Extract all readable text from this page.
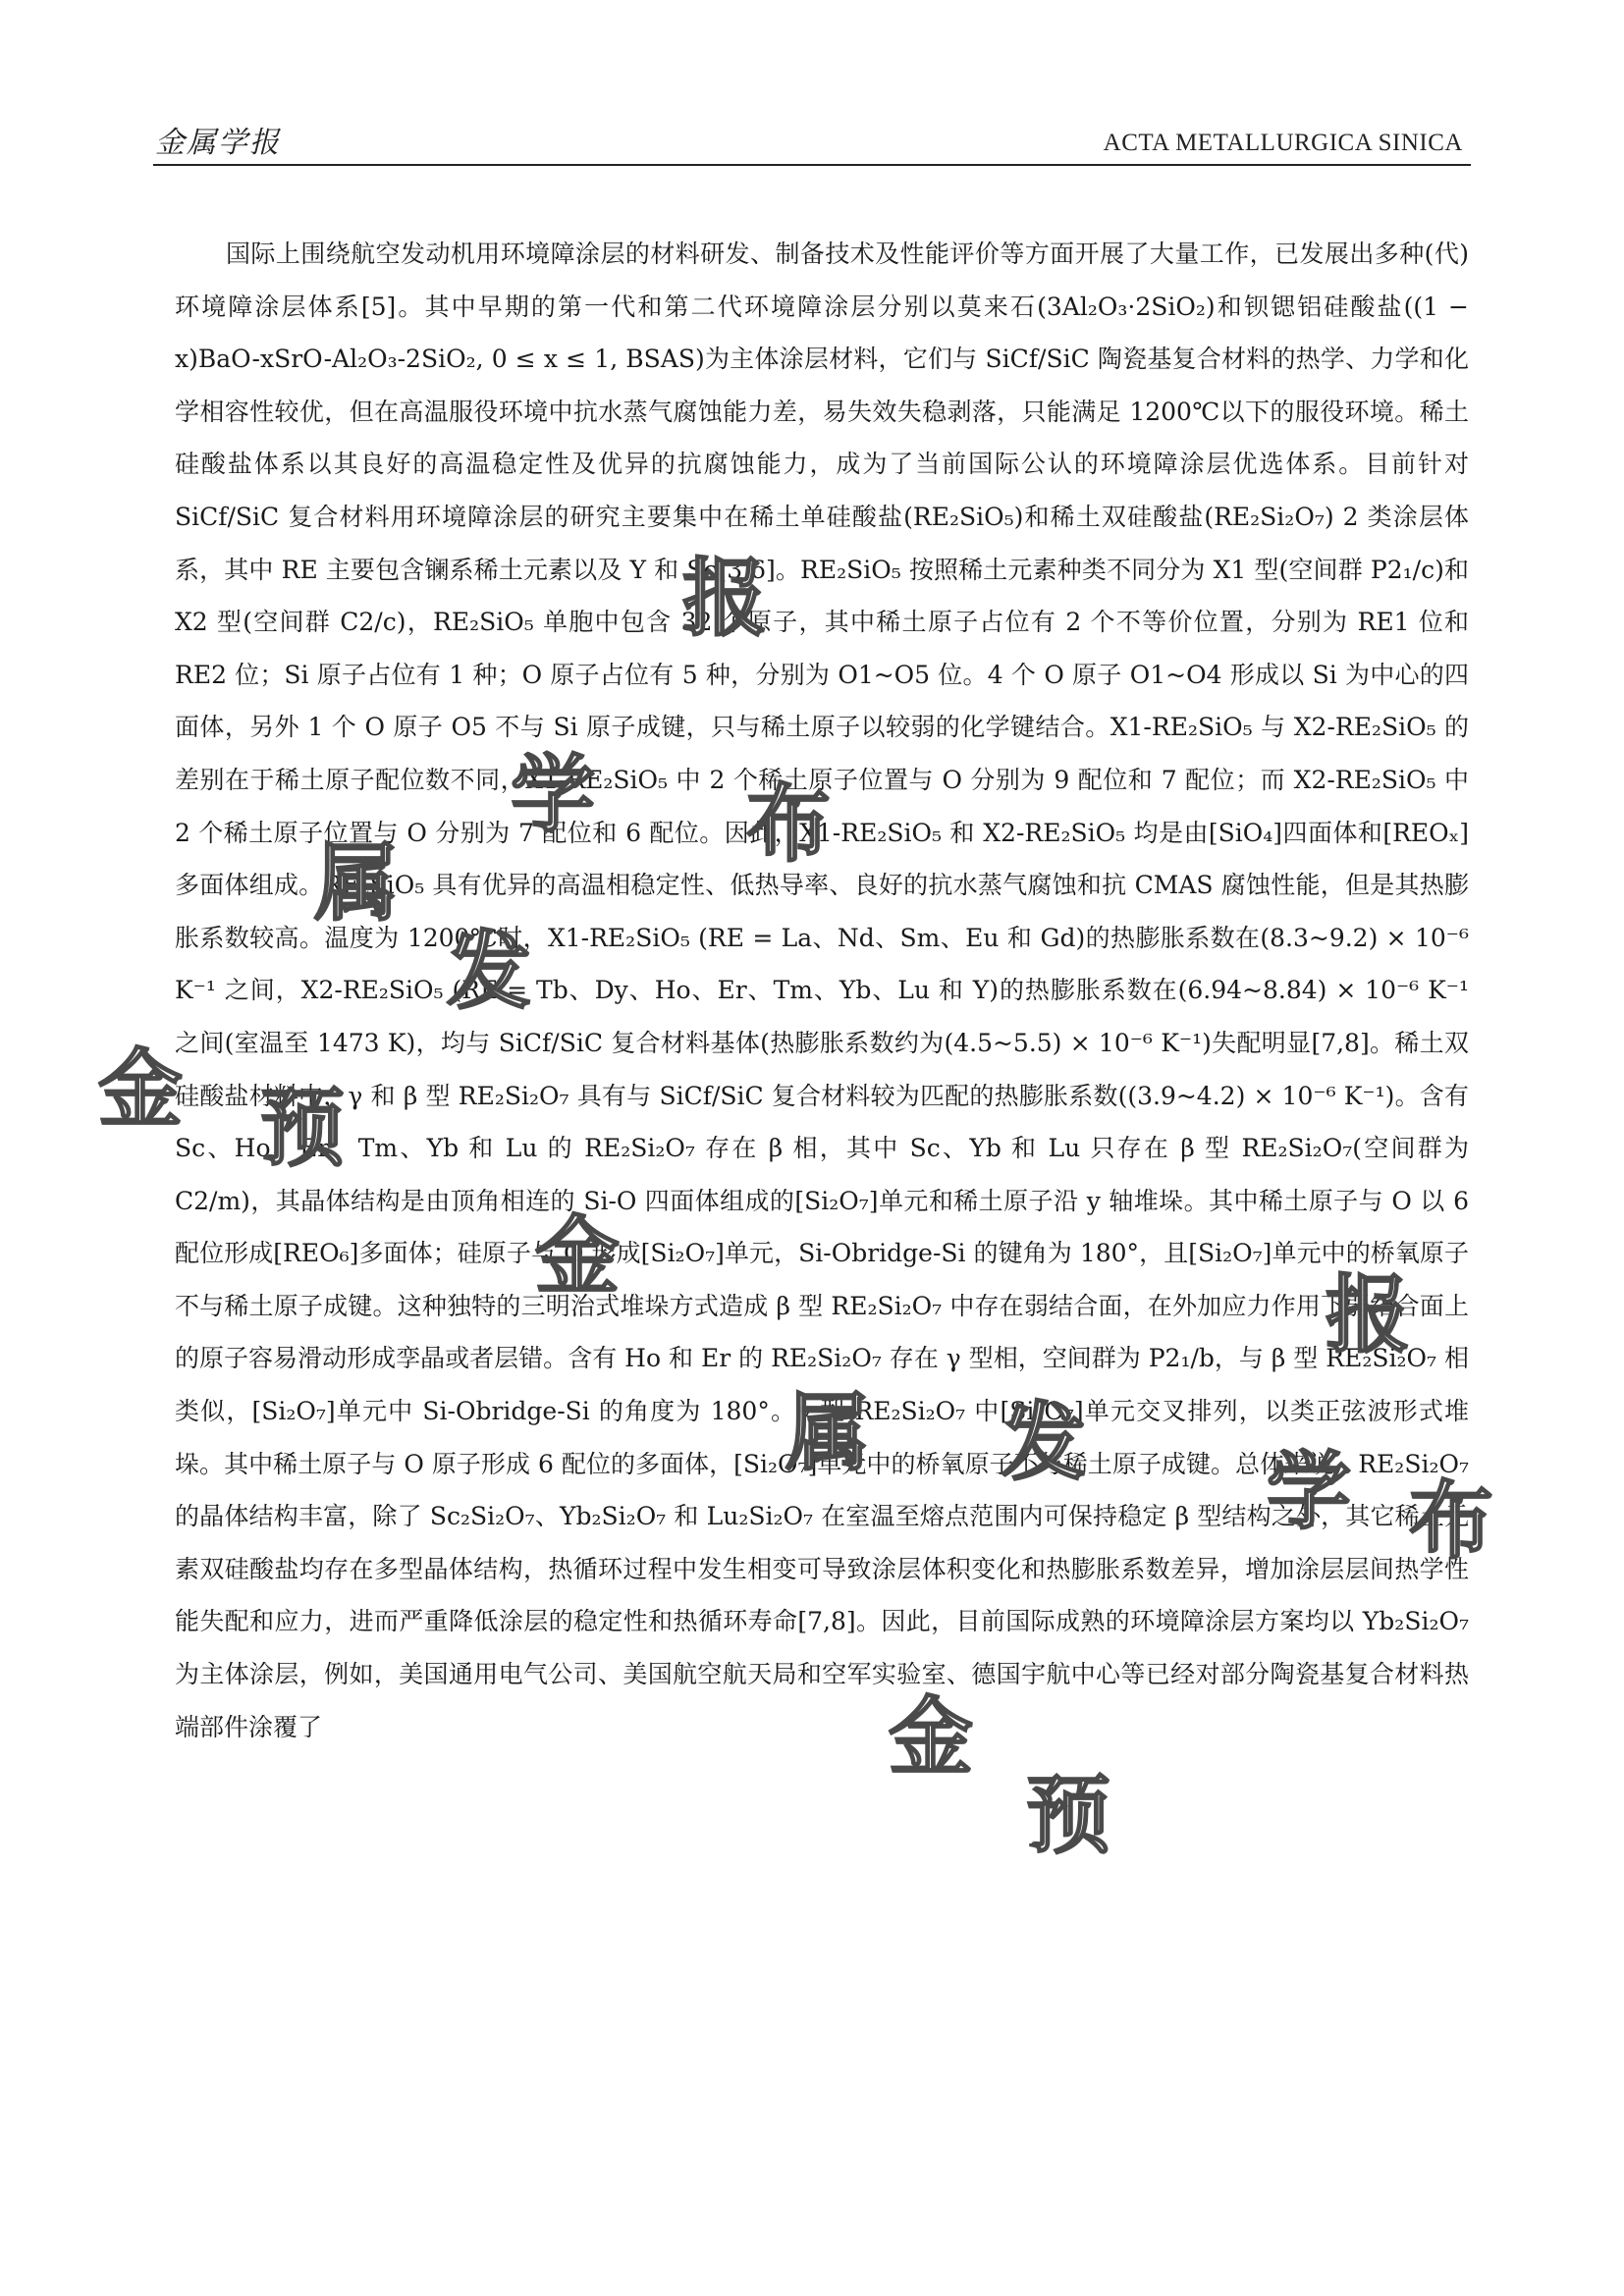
金属学报	ACTA METALLURGICA SINICA

国际上围绕航空发动机用环境障涂层的材料研发、制备技术及性能评价等方面开展了大量工作，已发展出多种(代)环境障涂层体系[5]。其中早期的第一代和第二代环境障涂层分别以莫来石(3Al₂O₃·2SiO₂)和钡锶铝硅酸盐((1 − x)BaO-xSrO-Al₂O₃-2SiO₂, 0 ≤ x ≤ 1, BSAS)为主体涂层材料，它们与 SiCf/SiC 陶瓷基复合材料的热学、力学和化学相容性较优，但在高温服役环境中抗水蒸气腐蚀能力差，易失效失稳剥落，只能满足 1200℃以下的服役环境。稀土硅酸盐体系以其良好的高温稳定性及优异的抗腐蚀能力，成为了当前国际公认的环境障涂层优选体系。目前针对 SiCf/SiC 复合材料用环境障涂层的研究主要集中在稀土单硅酸盐(RE₂SiO₅)和稀土双硅酸盐(RE₂Si₂O₇) 2 类涂层体系，其中 RE 主要包含镧系稀土元素以及 Y 和 Sc[3,6]。RE₂SiO₅ 按照稀土元素种类不同分为 X1 型(空间群 P2₁/c)和 X2 型(空间群 C2/c)，RE₂SiO₅ 单胞中包含 32 个原子，其中稀土原子占位有 2 个不等价位置，分别为 RE1 位和 RE2 位；Si 原子占位有 1 种；O 原子占位有 5 种，分别为 O1~O5 位。4 个 O 原子 O1~O4 形成以 Si 为中心的四面体，另外 1 个 O 原子 O5 不与 Si 原子成键，只与稀土原子以较弱的化学键结合。X1-RE₂SiO₅ 与 X2-RE₂SiO₅ 的差别在于稀土原子配位数不同，X1-RE₂SiO₅ 中 2 个稀土原子位置与 O 分别为 9 配位和 7 配位；而 X2-RE₂SiO₅ 中 2 个稀土原子位置与 O 分别为 7 配位和 6 配位。因此，X1-RE₂SiO₅ 和 X2-RE₂SiO₅ 均是由[SiO₄]四面体和[REOₓ]多面体组成。RE₂SiO₅ 具有优异的高温相稳定性、低热导率、良好的抗水蒸气腐蚀和抗 CMAS 腐蚀性能，但是其热膨胀系数较高。温度为 1200℃时，X1-RE₂SiO₅ (RE = La、Nd、Sm、Eu 和 Gd)的热膨胀系数在(8.3~9.2) × 10⁻⁶ K⁻¹ 之间，X2-RE₂SiO₅ (RE = Tb、Dy、Ho、Er、Tm、Yb、Lu 和 Y)的热膨胀系数在(6.94~8.84) × 10⁻⁶ K⁻¹ 之间(室温至 1473 K)，均与 SiCf/SiC 复合材料基体(热膨胀系数约为(4.5~5.5) × 10⁻⁶ K⁻¹)失配明显[7,8]。稀土双硅酸盐材料中，γ 和 β 型 RE₂Si₂O₇ 具有与 SiCf/SiC 复合材料较为匹配的热膨胀系数((3.9~4.2) × 10⁻⁶ K⁻¹)。含有 Sc、Ho、Er、Tm、Yb 和 Lu 的 RE₂Si₂O₇ 存在 β 相，其中 Sc、Yb 和 Lu 只存在 β 型 RE₂Si₂O₇(空间群为 C2/m)，其晶体结构是由顶角相连的 Si-O 四面体组成的[Si₂O₇]单元和稀土原子沿 y 轴堆垛。其中稀土原子与 O 以 6 配位形成[REO₆]多面体；硅原子与 O 形成[Si₂O₇]单元，Si-Obridge-Si 的键角为 180°，且[Si₂O₇]单元中的桥氧原子不与稀土原子成键。这种独特的三明治式堆垛方式造成 β 型 RE₂Si₂O₇ 中存在弱结合面，在外加应力作用下弱结合面上的原子容易滑动形成孪晶或者层错。含有 Ho 和 Er 的 RE₂Si₂O₇ 存在 γ 型相，空间群为 P2₁/b，与 β 型 RE₂Si₂O₇ 相类似，[Si₂O₇]单元中 Si-Obridge-Si 的角度为 180°。γ 型 RE₂Si₂O₇ 中[Si₂O₇]单元交叉排列，以类正弦波形式堆垛。其中稀土原子与 O 原子形成 6 配位的多面体，[Si₂O₇]单元中的桥氧原子不与稀土原子成键。总体来说，RE₂Si₂O₇ 的晶体结构丰富，除了 Sc₂Si₂O₇、Yb₂Si₂O₇ 和 Lu₂Si₂O₇ 在室温至熔点范围内可保持稳定 β 型结构之外，其它稀土元素双硅酸盐均存在多型晶体结构，热循环过程中发生相变可导致涂层体积变化和热膨胀系数差异，增加涂层层间热学性能失配和应力，进而严重降低涂层的稳定性和热循环寿命[7,8]。因此，目前国际成熟的环境障涂层方案均以 Yb₂Si₂O₇ 为主体涂层，例如，美国通用电气公司、美国航空航天局和空军实验室、德国宇航中心等已经对部分陶瓷基复合材料热端部件涂覆了

金 预
金
报
学
属
发
布
属 发
报
学 布
金
预
